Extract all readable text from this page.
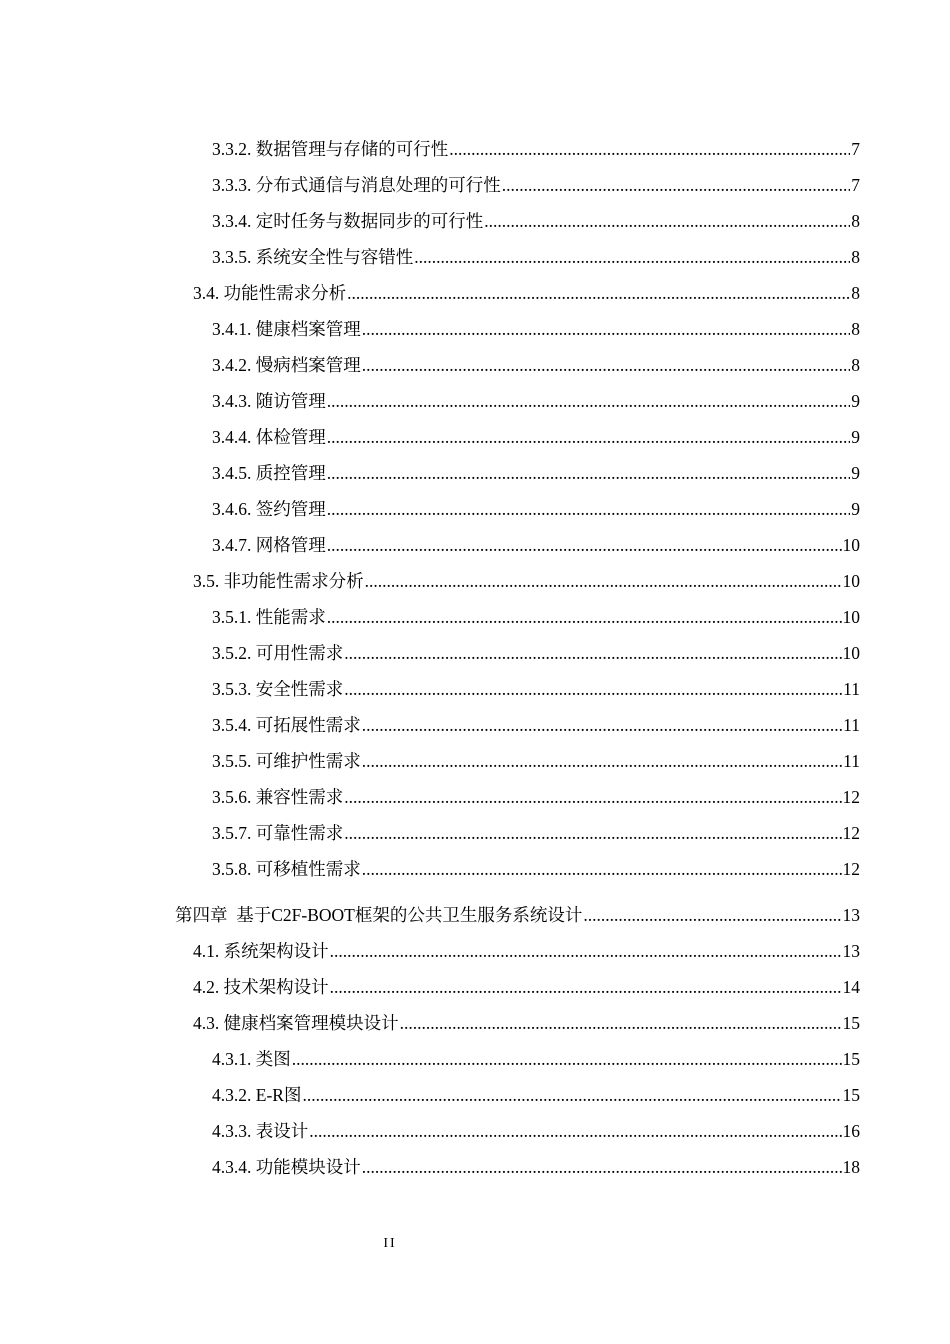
3.3.2. 数据管理与存储的可行性 .....	7
3.3.3. 分布式通信与消息处理的可行性 .....	7
3.3.4. 定时任务与数据同步的可行性 .....	8
3.3.5. 系统安全性与容错性 .....	8
3.4. 功能性需求分析 .....	8
3.4.1. 健康档案管理 .....	8
3.4.2. 慢病档案管理 .....	8
3.4.3. 随访管理 .....	9
3.4.4. 体检管理 .....	9
3.4.5. 质控管理 .....	9
3.4.6. 签约管理 .....	9
3.4.7. 网格管理 .....	10
3.5. 非功能性需求分析 .....	10
3.5.1. 性能需求 .....	10
3.5.2. 可用性需求 .....	10
3.5.3. 安全性需求 .....	11
3.5.4. 可拓展性需求 .....	11
3.5.5. 可维护性需求 .....	11
3.5.6. 兼容性需求 .....	12
3.5.7. 可靠性需求 .....	12
3.5.8. 可移植性需求 .....	12
第四章 基于C2F-BOOT框架的公共卫生服务系统设计 .....	13
4.1. 系统架构设计 .....	13
4.2. 技术架构设计 .....	14
4.3. 健康档案管理模块设计 .....	15
4.3.1. 类图 .....	15
4.3.2. E-R图 .....	15
4.3.3. 表设计 .....	16
4.3.4. 功能模块设计 .....	18
II
